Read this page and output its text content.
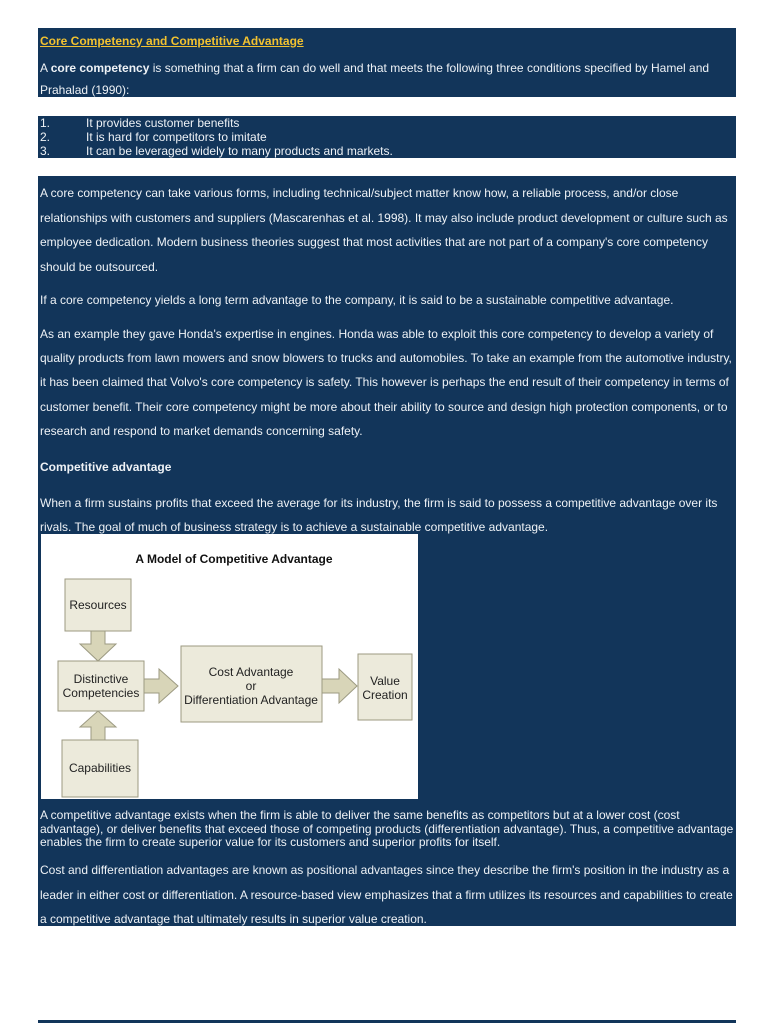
Core Competency and Competitive Advantage

A core competency is something that a firm can do well and that meets the following three conditions specified by Hamel and Prahalad (1990):

1.	It provides customer benefits
2.	It is hard for competitors to imitate
3.	It can be leveraged widely to many products and markets.

A core competency can take various forms, including technical/subject matter know how, a reliable process, and/or close relationships with customers and suppliers (Mascarenhas et al. 1998). It may also include product development or culture such as employee dedication. Modern business theories suggest that most activities that are not part of a company's core competency should be outsourced.

If a core competency yields a long term advantage to the company, it is said to be a sustainable competitive advantage.

As an example they gave Honda's expertise in engines. Honda was able to exploit this core competency to develop a variety of quality products from lawn mowers and snow blowers to trucks and automobiles. To take an example from the automotive industry, it has been claimed that Volvo's core competency is safety. This however is perhaps the end result of their competency in terms of customer benefit. Their core competency might be more about their ability to source and design high protection components, or to research and respond to market demands concerning safety.

Competitive advantage

When a firm sustains profits that exceed the average for its industry, the firm is said to possess a competitive advantage over its rivals. The goal of much of business strategy is to achieve a sustainable competitive advantage.

A Model of Competitive Advantage
Resources
Distinctive
Competencies
Capabilities
Cost Advantage
or
Differentiation Advantage
Value
Creation

A competitive advantage exists when the firm is able to deliver the same benefits as competitors but at a lower cost (cost advantage), or deliver benefits that exceed those of competing products (differentiation advantage). Thus, a competitive advantage enables the firm to create superior value for its customers and superior profits for itself.

Cost and differentiation advantages are known as positional advantages since they describe the firm's position in the industry as a leader in either cost or differentiation. A resource-based view emphasizes that a firm utilizes its resources and capabilities to create a competitive advantage that ultimately results in superior value creation.
